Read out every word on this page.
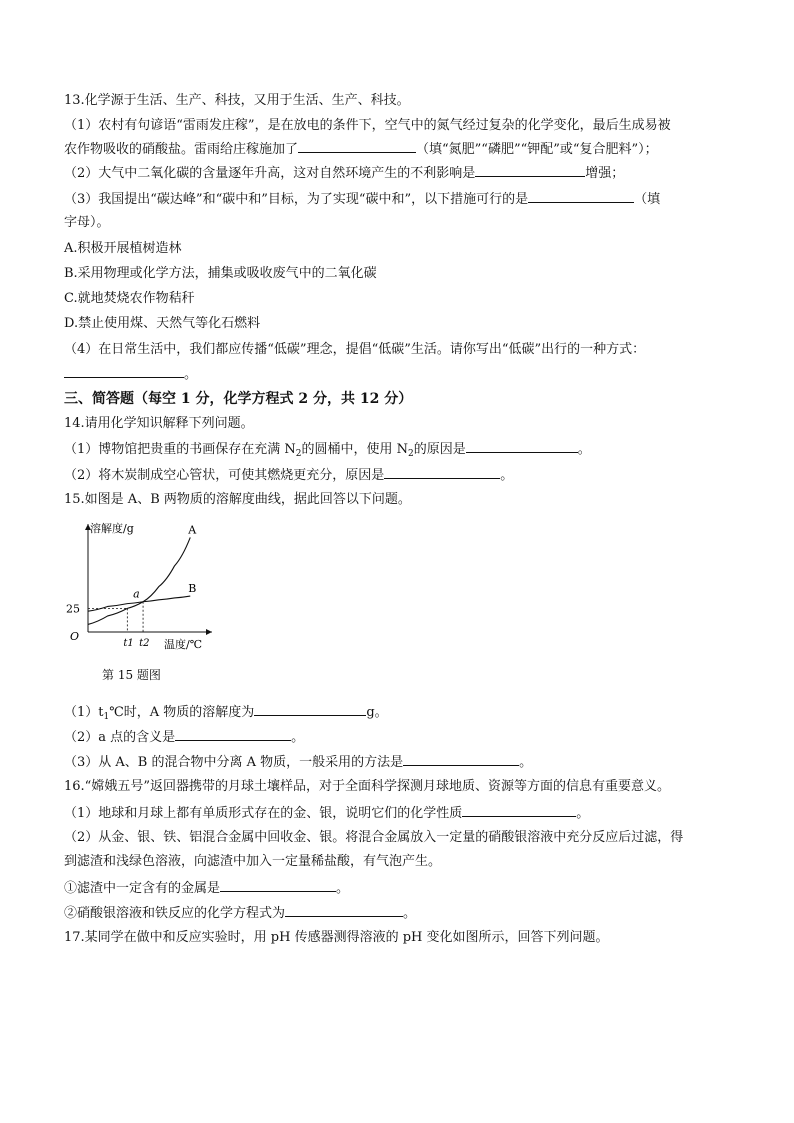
13.化学源于生活、生产、科技，又用于生活、生产、科技。
（1）农村有句谚语“雷雨发庄稼”，是在放电的条件下，空气中的氮气经过复杂的化学变化，最后生成易被
农作物吸收的硝酸盐。雷雨给庄稼施加了	（填“氮肥”“磷肥”“钾配”或“复合肥料”）；
（2）大气中二氧化碳的含量逐年升高，这对自然环境产生的不利影响是	增强；
（3）我国提出“碳达峰”和“碳中和”目标，为了实现“碳中和”，以下措施可行的是	（填
字母）。
A.积极开展植树造林
B.采用物理或化学方法，捕集或吸收废气中的二氧化碳
C.就地焚烧农作物秸秆
D.禁止使用煤、天然气等化石燃料
（4）在日常生活中，我们都应传播“低碳”理念，提倡“低碳”生活。请你写出“低碳”出行的一种方式：
。
三、简答题（每空 1 分，化学方程式 2 分，共 12 分）
14.请用化学知识解释下列问题。
（1）博物馆把贵重的书画保存在充满 $N_2$的圆桶中，使用 $N_2$的原因是	。
（2）将木炭制成空心管状，可使其燃烧更充分，原因是	。
15.如图是 A、B 两物质的溶解度曲线，据此回答以下问题。
A
B
a
溶解度/g
温度/℃
25
O
t1 t2
第 15 题图
$(1)t_1℃$时，A 物质的溶解度为	g。
（2）a 点的含义是	。
（3）从 A、B 的混合物中分离 A 物质，一般采用的方法是	。
16.“嫦娥五号”返回器携带的月球土壤样品，对于全面科学探测月球地质、资源等方面的信息有重要意义。
（1）地球和月球上都有单质形式存在的金、银，说明它们的化学性质	。
（2）从金、银、铁、铝混合金属中回收金、银。将混合金属放入一定量的硝酸银溶液中充分反应后过滤，得
到滤渣和浅绿色溶液，向滤渣中加入一定量稀盐酸，有气泡产生。
①滤渣中一定含有的金属是	。
②硝酸银溶液和铁反应的化学方程式为	。
17.某同学在做中和反应实验时，用 pH 传感器测得溶液的 pH 变化如图所示，回答下列问题。
